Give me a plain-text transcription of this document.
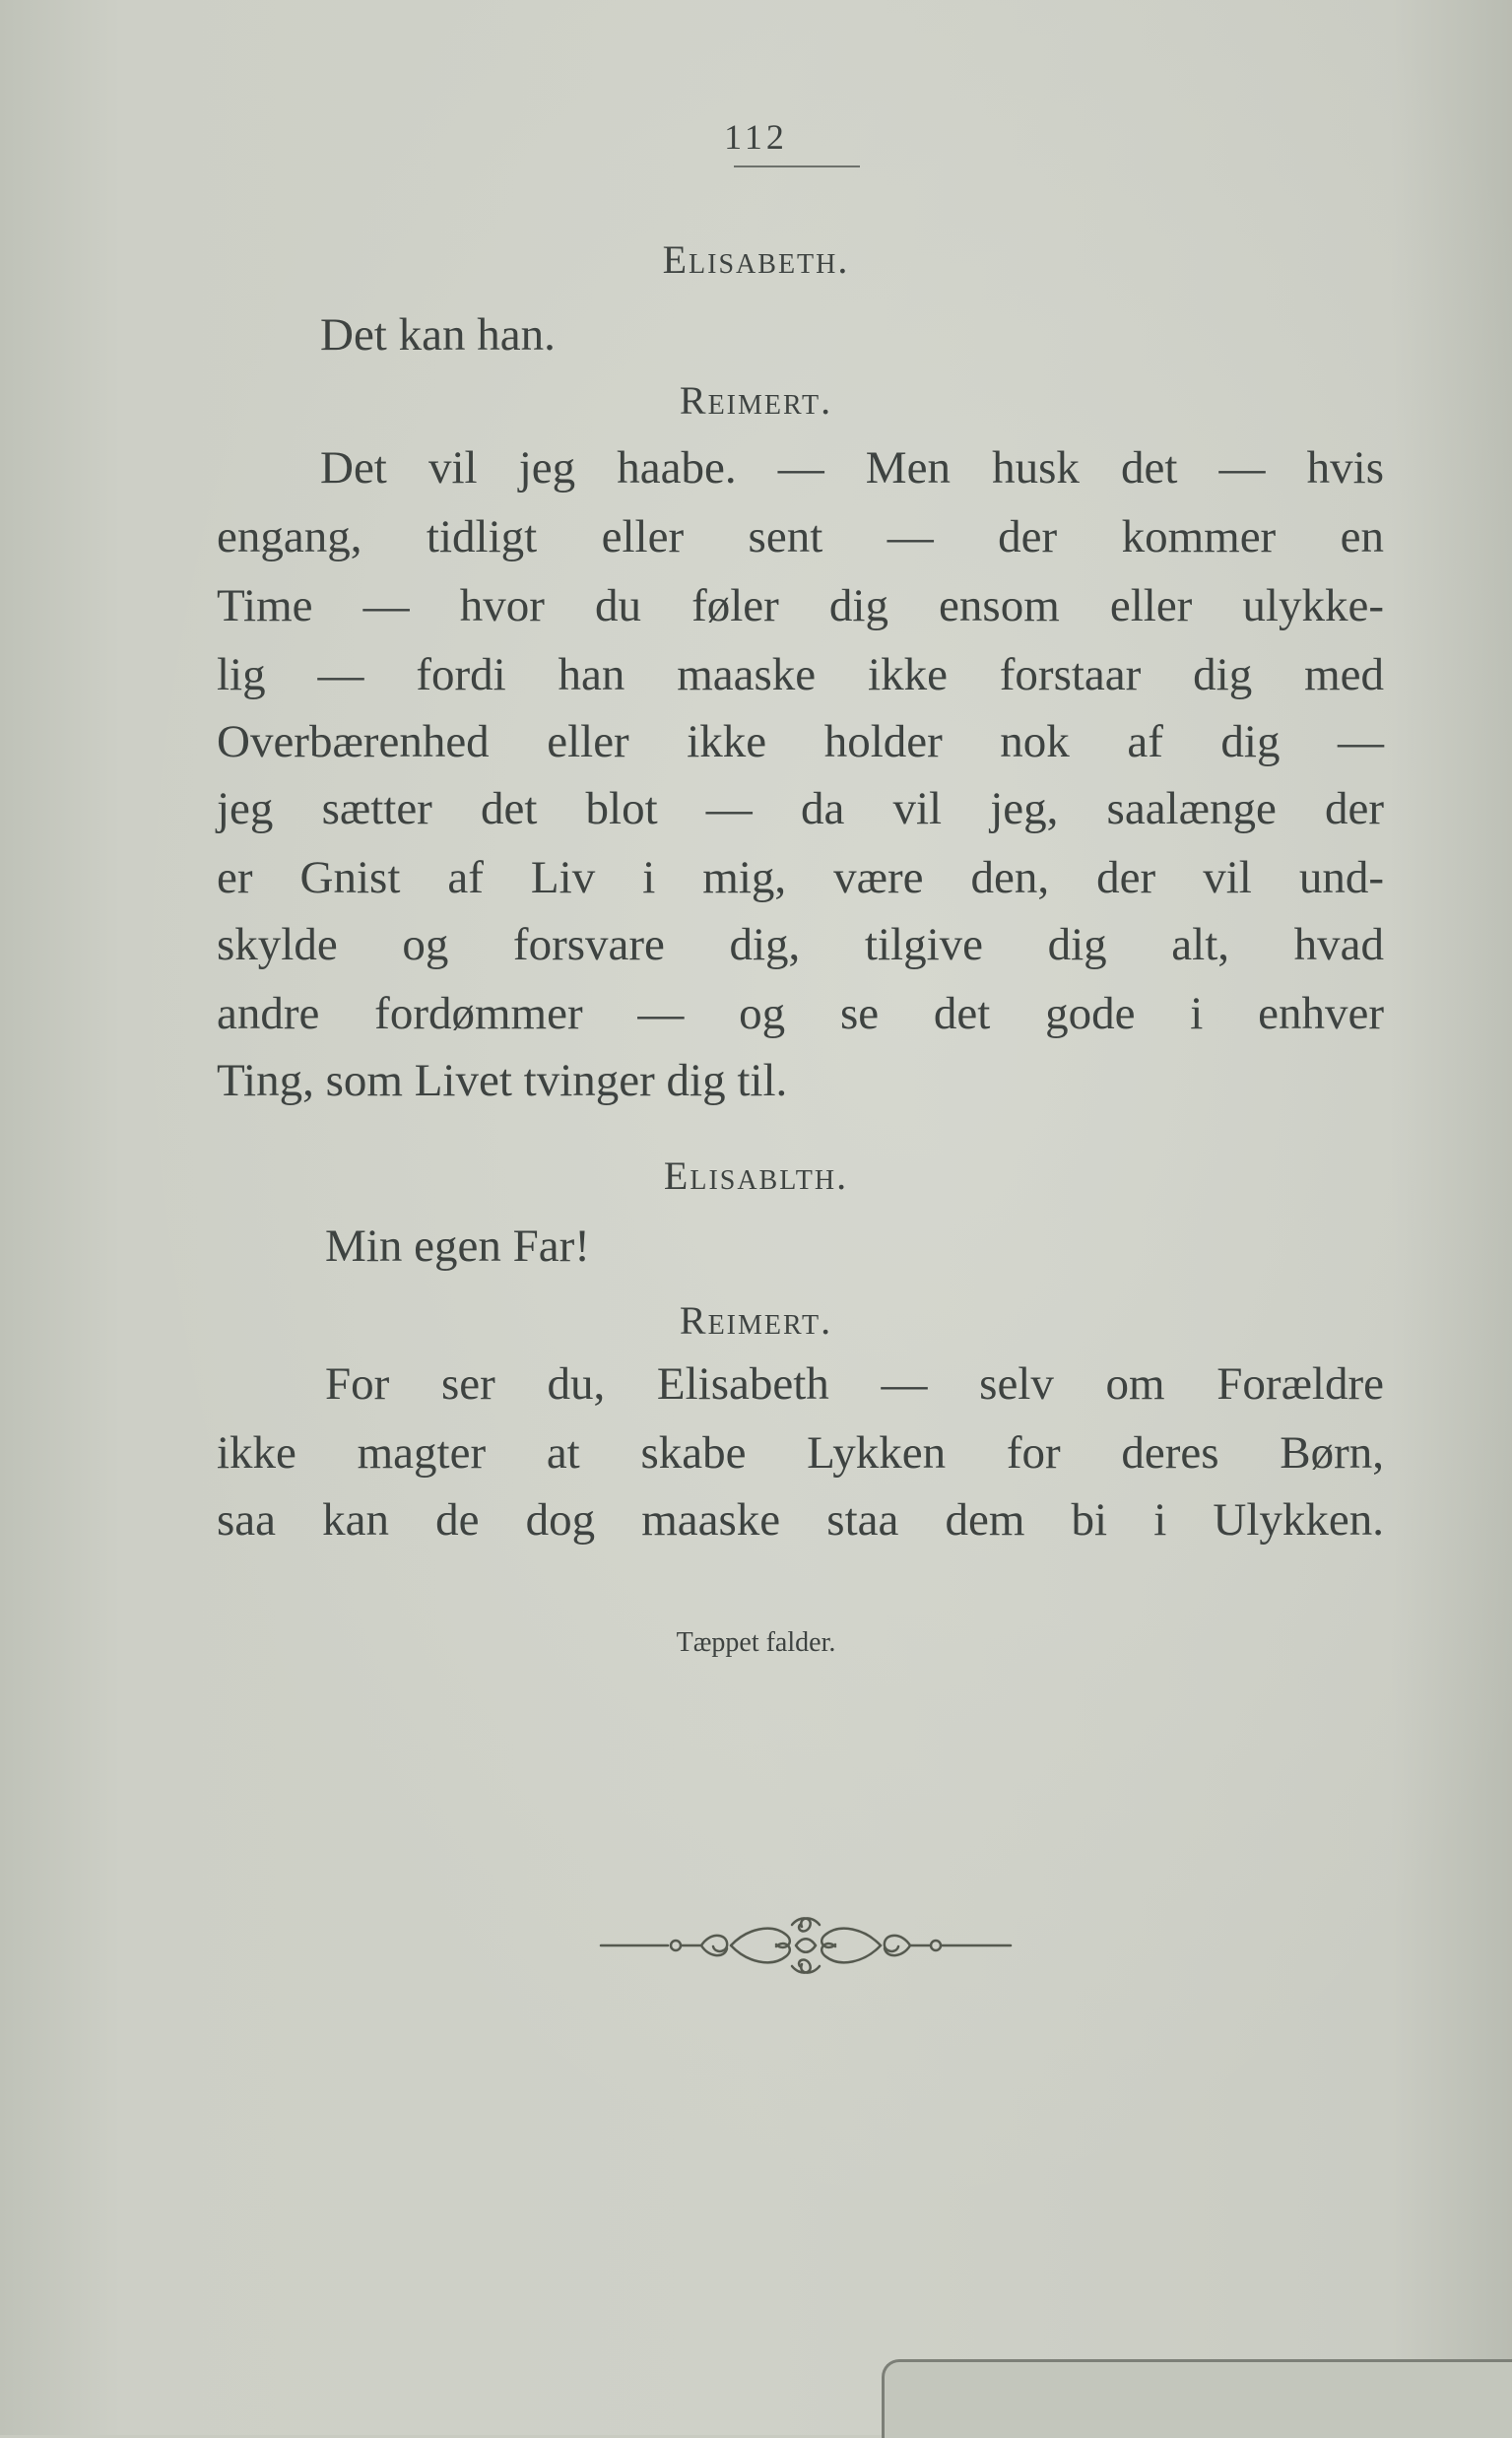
112
Elisabeth.
Det kan han.
Reimert.
Det vil jeg haabe. — Men husk det — hvis
engang, tidligt eller sent — der kommer en
Time — hvor du føler dig ensom eller ulykke-
lig — fordi han maaske ikke forstaar dig med
Overbærenhed eller ikke holder nok af dig —
jeg sætter det blot — da vil jeg, saalænge der
er Gnist af Liv i mig, være den, der vil und-
skylde og forsvare dig, tilgive dig alt, hvad
andre fordømmer — og se det gode i enhver
Ting, som Livet tvinger dig til.
Elisablth.
Min egen Far!
Reimert.
For ser du, Elisabeth — selv om Forældre
ikke magter at skabe Lykken for deres Børn,
saa kan de dog maaske staa dem bi i Ulykken.
Tæppet falder.
